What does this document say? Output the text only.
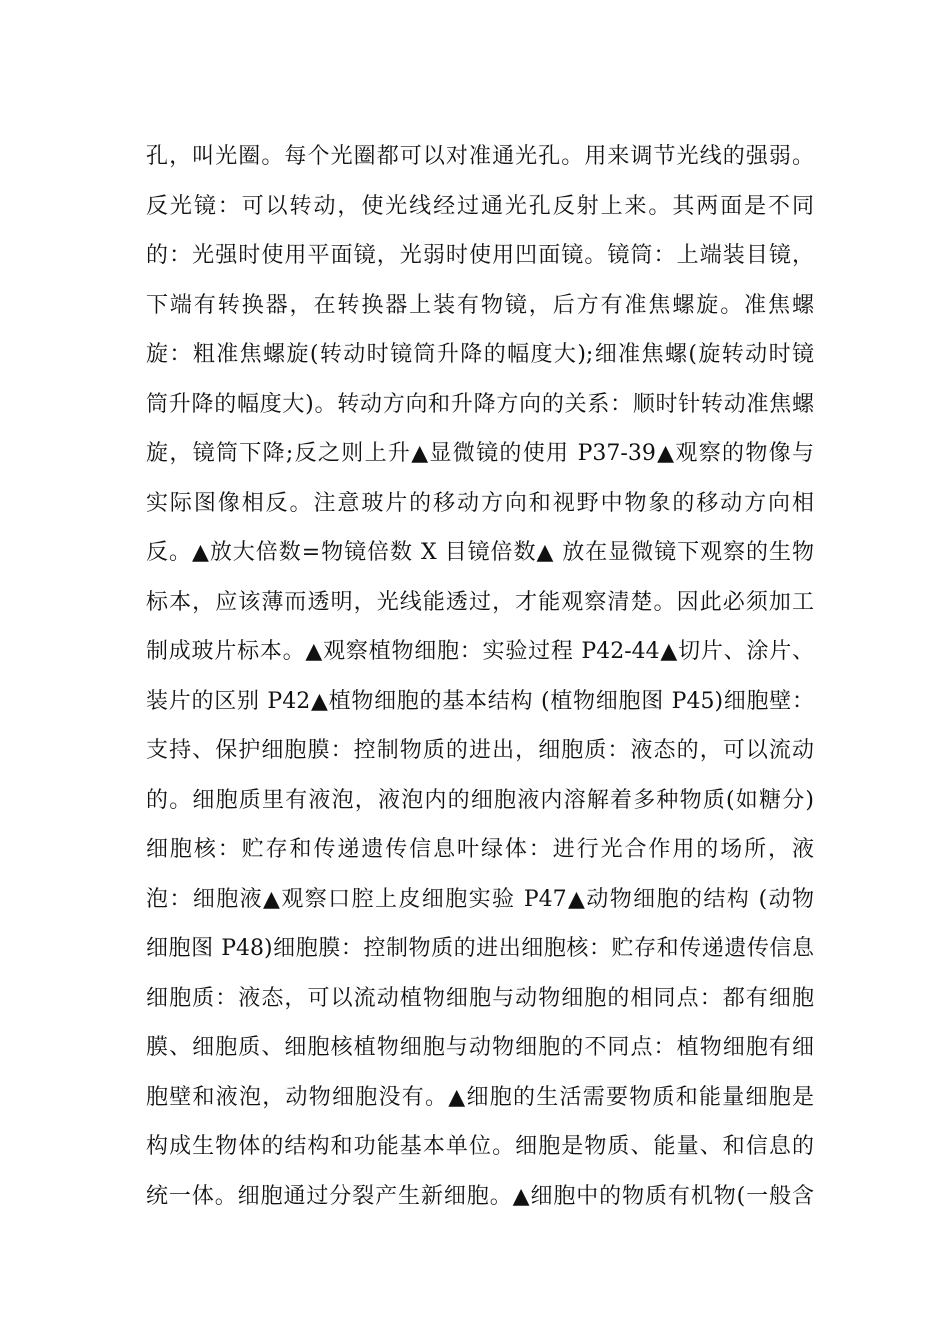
孔，叫光圈。每个光圈都可以对准通光孔。用来调节光线的强弱。
反光镜：可以转动，使光线经过通光孔反射上来。其两面是不同
的：光强时使用平面镜，光弱时使用凹面镜。镜筒：上端装目镜，
下端有转换器，在转换器上装有物镜，后方有准焦螺旋。准焦螺
旋：粗准焦螺旋(转动时镜筒升降的幅度大);细准焦螺(旋转动时镜
筒升降的幅度大)。转动方向和升降方向的关系：顺时针转动准焦螺
旋，镜筒下降;反之则上升▲显微镜的使用 P37-39▲观察的物像与
实际图像相反。注意玻片的移动方向和视野中物象的移动方向相
反。▲放大倍数=物镜倍数 X 目镜倍数▲ 放在显微镜下观察的生物
标本，应该薄而透明，光线能透过，才能观察清楚。因此必须加工
制成玻片标本。▲观察植物细胞：实验过程 P42-44▲切片、涂片、
装片的区别 P42▲植物细胞的基本结构 (植物细胞图 P45)细胞壁：
支持、保护细胞膜：控制物质的进出，细胞质：液态的，可以流动
的。细胞质里有液泡，液泡内的细胞液内溶解着多种物质(如糖分)
细胞核：贮存和传递遗传信息叶绿体：进行光合作用的场所，液
泡：细胞液▲观察口腔上皮细胞实验 P47▲动物细胞的结构 (动物
细胞图 P48)细胞膜：控制物质的进出细胞核：贮存和传递遗传信息
细胞质：液态，可以流动植物细胞与动物细胞的相同点：都有细胞
膜、细胞质、细胞核植物细胞与动物细胞的不同点：植物细胞有细
胞壁和液泡，动物细胞没有。▲细胞的生活需要物质和能量细胞是
构成生物体的结构和功能基本单位。细胞是物质、能量、和信息的
统一体。细胞通过分裂产生新细胞。▲细胞中的物质有机物(一般含
